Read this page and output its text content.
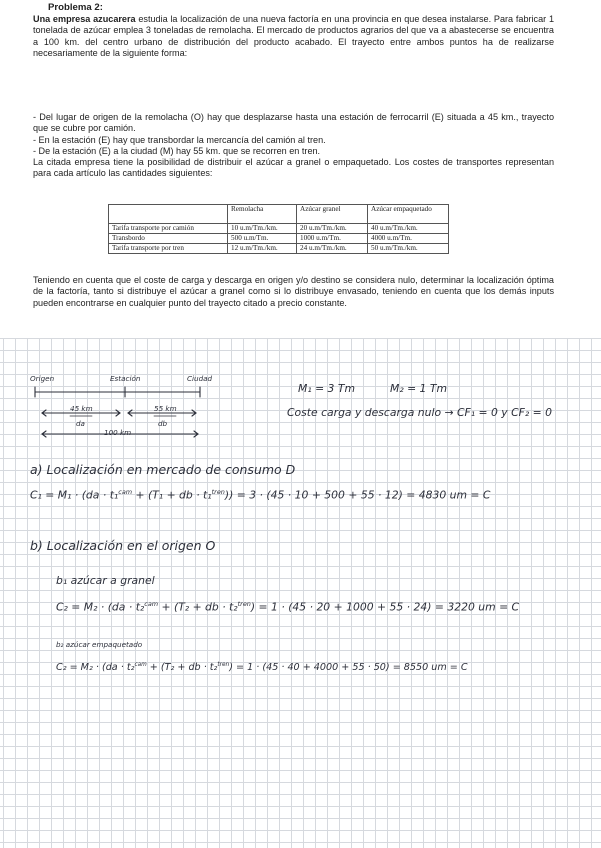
Problema 2:

Una empresa azucarera estudia la localización de una nueva factoría en una provincia en que desea instalarse. Para fabricar 1 tonelada de azúcar emplea 3 toneladas de remolacha. El mercado de productos agrarios del que va a abastecerse se encuentra a 100 km. del centro urbano de distribución del producto acabado. El trayecto entre ambos puntos ha de realizarse necesariamente de la siguiente forma:

- Del lugar de origen de la remolacha (O) hay que desplazarse hasta una estación de ferrocarril (E) situada a 45 km., trayecto que se cubre por camión.
- En la estación (E) hay que transbordar la mercancía del camión al tren.
- De la estación (E) a la ciudad (M) hay 55 km. que se recorren en tren.
La citada empresa tiene la posibilidad de distribuir el azúcar a granel o empaquetado. Los costes de transportes representan para cada artículo las cantidades siguientes:
	Remolacha	Azúcar granel	Azúcar empaquetado
Tarifa transporte por camión	10 u.m/Tm./km.	20 u.m/Tm./km.	40 u.m/Tm./km.
Transbordo	500 u.m/Tm.	1000 u.m/Tm.	4000 u.m/Tm.
Tarifa transporte por tren	12 u.m/Tm./km.	24 u.m/Tm./km.	50 u.m/Tm./km.

Teniendo en cuenta que el coste de carga y descarga en origen y/o destino se considera nulo, determinar la localización óptima de la factoría, tanto si distribuye el azúcar a granel como si lo distribuye envasado, teniendo en cuenta que los demás inputs pueden encontrarse en cualquier punto del trayecto citado a precio constante.

Origen	Estación	Ciudad
45 km
da
55 km
db
100 km
M₁ = 3 Tm	M₂ = 1 Tm
Coste carga y descarga nulo → CF₁ = 0 y CF₂ = 0
a) Localización en mercado de consumo D
C₁ = M₁ · (da · t₁$^{cam}$ + (T₁ + db · t₁$^{tren}$)) = 3 · (45 · 10 + 500 + 55 · 12) = 4830 um = C
b) Localización en el origen O
b₁ azúcar a granel
C₂ = M₂ · (da · t₂$^{cam}$ + (T₂ + db · t₂$^{tren}$) = 1 · (45 · 20 + 1000 + 55 · 24) = 3220 um = C
b₂ azúcar empaquetado
C₂ = M₂ · (da · t₂$^{cam}$ + (T₂ + db · t₂$^{tren}$) = 1 · (45 · 40 + 4000 + 55 · 50) = 8550 um = C
